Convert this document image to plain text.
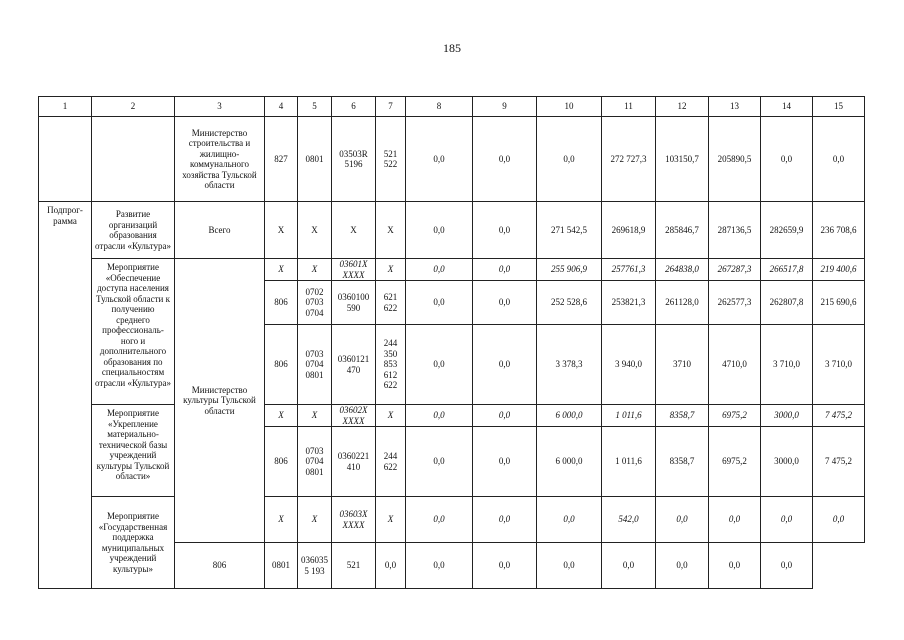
185
1	2	3	4	5	6	7	8	9	10	11	12	13	14	15
		Министерство строительства и жилищно-коммунального хозяйства Тульской области	827	0801	03503R 5196	521 522	0,0	0,0	0,0	272 727,3	103150,7	205890,5	0,0	0,0
Подпрог-рамма	Развитие организаций образования отрасли «Культура»	Всего	X	X	X	X	0,0	0,0	271 542,5	269618,9	285846,7	287136,5	282659,9	236 708,6
	Мероприятие «Обеспечение доступа населения Тульской области к получению среднего профессиональ-ного и дополнительного образования по специальностям отрасли «Культура»	Министерство культуры Тульской области	X	X	03601X XXXX	X	0,0	0,0	255 906,9	257761,3	264838,0	267287,3	266517,8	219 400,6
			806	0702 0703 0704	0360100 590	621 622	0,0	0,0	252 528,6	253821,3	261128,0	262577,3	262807,8	215 690,6
			806	0703 0704 0801	0360121 470	244 350 853 612 622	0,0	0,0	3 378,3	3 940,0	3710	4710,0	3 710,0	3 710,0
	Мероприятие «Укрепление материально-технической базы учреждений культуры Тульской области»		X	X	03602X XXXX	X	0,0	0,0	6 000,0	1 011,6	8358,7	6975,2	3000,0	7 475,2
			806	0703 0704 0801	0360221 410	244 622	0,0	0,0	6 000,0	1 011,6	8358,7	6975,2	3000,0	7 475,2
	Мероприятие «Государственная поддержка муниципальных учреждений культуры»		X	X	03603X XXXX	X	0,0	0,0	0,0	542,0	0,0	0,0	0,0	0,0
		806	0801	0360355 193	521	0,0	0,0	0,0	0,0	0,0	0,0	0,0	0,0	
